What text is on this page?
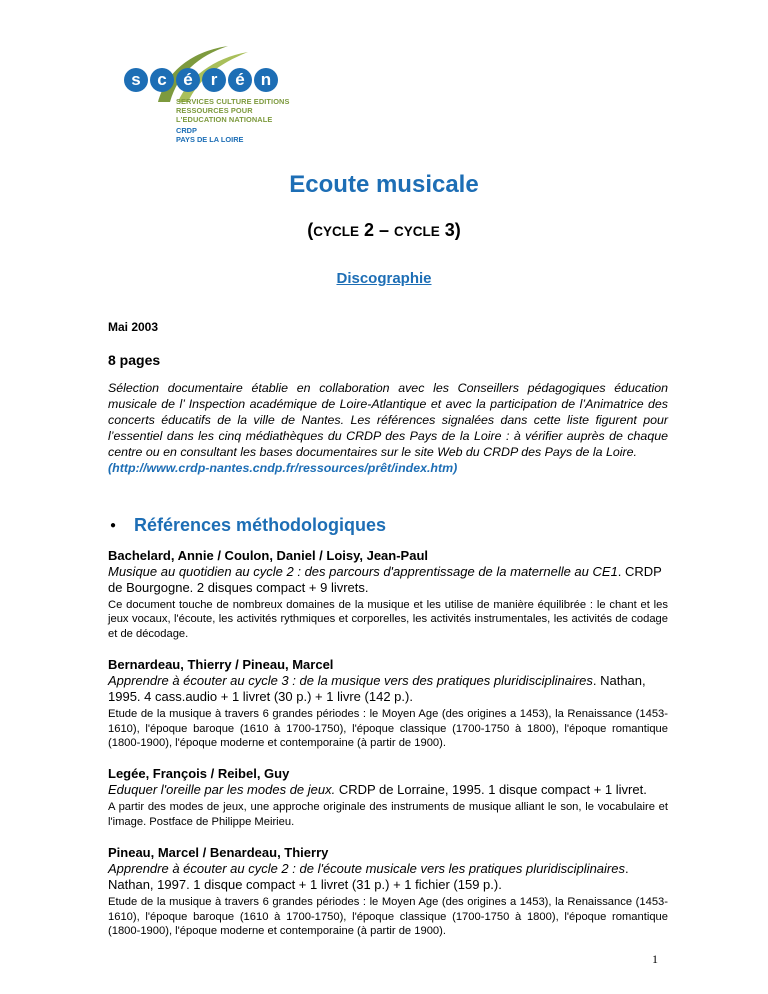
s c é	r	é n
SERVICES CULTURE EDITIONS
RESSOURCES POUR
L'EDUCATION NATIONALE
CRDP
PAYS DE LA LOIRE
Ecoute musicale
(CYCLE 2 – CYCLE 3)
Discographie
Mai 2003
8 pages
Sélection documentaire établie en collaboration avec les Conseillers pédagogiques éducation musicale de l’ Inspection académique de Loire-Atlantique et avec la participation de l’Animatrice des concerts éducatifs de la ville de Nantes. Les références signalées dans cette liste figurent pour l’essentiel dans les cinq médiathèques du CRDP des Pays de la Loire : à vérifier auprès de chaque centre ou en consultant les bases documentaires sur le site Web du CRDP des Pays de la Loire.
(http://www.crdp-nantes.cndp.fr/ressources/prêt/index.htm)
● Références méthodologiques
Bachelard, Annie / Coulon, Daniel / Loisy, Jean-Paul
Musique au quotidien au cycle 2 : des parcours d'apprentissage de la maternelle au CE1. CRDP de Bourgogne. 2 disques compact + 9 livrets.
Ce document touche de nombreux domaines de la musique et les utilise de manière équilibrée : le chant et les jeux vocaux, l'écoute, les activités rythmiques et corporelles, les activités instrumentales, les activités de codage et de décodage.
Bernardeau, Thierry / Pineau, Marcel
Apprendre à écouter au cycle 3 : de la musique vers des pratiques pluridisciplinaires. Nathan, 1995. 4 cass.audio + 1 livret (30 p.) + 1 livre (142 p.).
Etude de la musique à travers 6 grandes périodes : le Moyen Age (des origines a 1453), la Renaissance (1453-1610), l'époque baroque (1610 à 1700-1750), l'époque classique (1700-1750 à 1800), l'époque romantique (1800-1900), l'époque moderne et contemporaine (à partir de 1900).
Legée, François / Reibel, Guy
Eduquer l'oreille par les modes de jeux. CRDP de Lorraine, 1995. 1 disque compact + 1 livret.
A partir des modes de jeux, une approche originale des instruments de musique alliant le son, le vocabulaire et l'image. Postface de Philippe Meirieu.
Pineau, Marcel / Benardeau, Thierry
Apprendre à écouter au cycle 2 : de l'écoute musicale vers les pratiques pluridisciplinaires. Nathan, 1997. 1 disque compact + 1 livret (31 p.) + 1 fichier (159 p.).
Etude de la musique à travers 6 grandes périodes : le Moyen Age (des origines a 1453), la Renaissance (1453-1610), l'époque baroque (1610 à 1700-1750), l'époque classique (1700-1750 à 1800), l'époque romantique (1800-1900), l'époque moderne et contemporaine (à partir de 1900).
1
